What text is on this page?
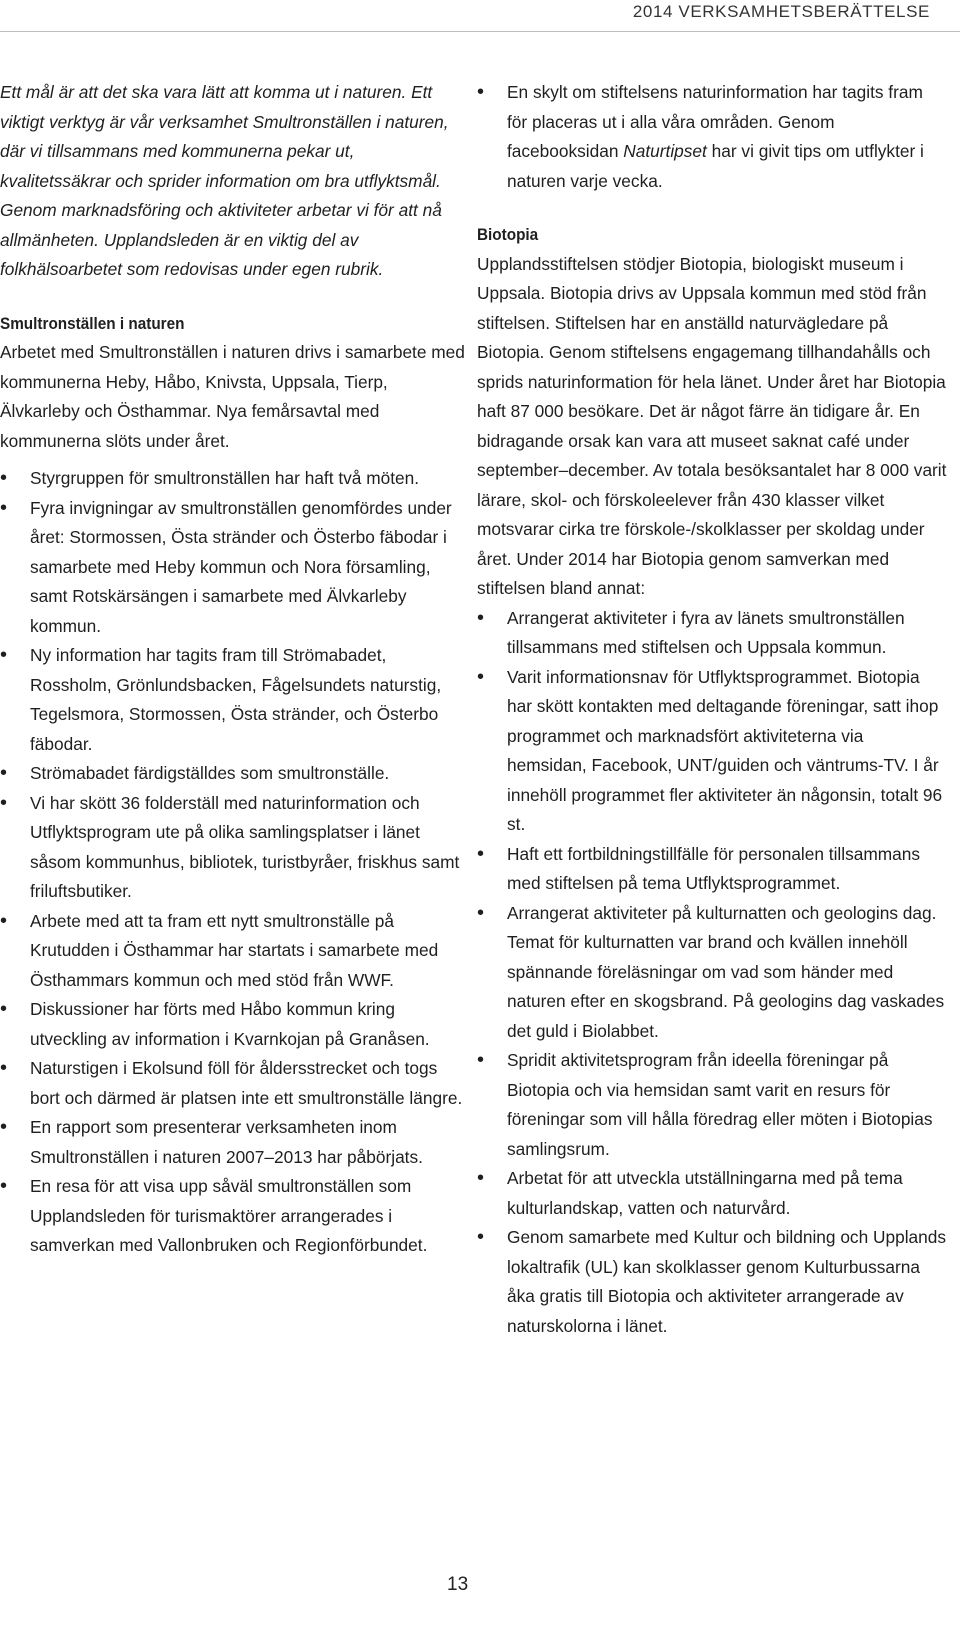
2014 VERKSAMHETSBERÄTTELSE

Ett mål är att det ska vara lätt att komma ut i naturen. Ett viktigt verktyg är vår verksamhet Smultronställen i naturen, där vi tillsammans med kommunerna pekar ut, kvalitetssäkrar och sprider information om bra utflyktsmål. Genom marknadsföring och aktiviteter arbetar vi för att nå allmänheten. Upplandsleden är en viktig del av folkhälsoarbetet som redovisas under egen rubrik.

Smultronställen i naturen

Arbetet med Smultronställen i naturen drivs i samarbete med kommunerna Heby, Håbo, Knivsta, Uppsala, Tierp, Älvkarleby och Östhammar. Nya femårsavtal med kommunerna slöts under året.

• Styrgruppen för smultronställen har haft två möten.
• Fyra invigningar av smultronställen genomfördes under året: Stormossen, Östa stränder och Österbo fäbodar i samarbete med Heby kommun och Nora församling, samt Rotskärsängen i samarbete med Älvkarleby kommun.
• Ny information har tagits fram till Strömabadet, Rossholm, Grönlundsbacken, Fågelsundets naturstig, Tegelsmora, Stormossen, Östa stränder, och Österbo fäbodar.
• Strömabadet färdigställdes som smultronställe.
• Vi har skött 36 folderställ med naturinformation och Utflyktsprogram ute på olika samlingsplatser i länet såsom kommunhus, bibliotek, turistbyråer, friskhus samt friluftsbutiker.
• Arbete med att ta fram ett nytt smultronställe på Krutudden i Östhammar har startats i samarbete med Östhammars kommun och med stöd från WWF.
• Diskussioner har förts med Håbo kommun kring utveckling av information i Kvarnkojan på Granåsen.
• Naturstigen i Ekolsund föll för åldersstrecket och togs bort och därmed är platsen inte ett smultronställe längre.
• En rapport som presenterar verksamheten inom Smultronställen i naturen 2007–2013 har påbörjats.
• En resa för att visa upp såväl smultronställen som Upplandsleden för turismaktörer arrangerades i samverkan med Vallonbruken och Regionförbundet.
• En skylt om stiftelsens naturinformation har tagits fram för placeras ut i alla våra områden. Genom facebooksidan Naturtipset har vi givit tips om utflykter i naturen varje vecka.
Biotopia

Upplandsstiftelsen stödjer Biotopia, biologiskt museum i Uppsala. Biotopia drivs av Uppsala kommun med stöd från stiftelsen. Stiftelsen har en anställd naturvägledare på Biotopia. Genom stiftelsens engagemang tillhandahålls och sprids naturinformation för hela länet. Under året har Biotopia haft 87 000 besökare. Det är något färre än tidigare år. En bidragande orsak kan vara att museet saknat café under september–december. Av totala besöksantalet har 8 000 varit lärare, skol- och förskoleelever från 430 klasser vilket motsvarar cirka tre förskole-/skolklasser per skoldag under året. Under 2014 har Biotopia genom samverkan med stiftelsen bland annat:

• Arrangerat aktiviteter i fyra av länets smultronställen tillsammans med stiftelsen och Uppsala kommun.
• Varit informationsnav för Utflyktsprogrammet. Biotopia har skött kontakten med deltagande föreningar, satt ihop programmet och marknadsfört aktiviteterna via hemsidan, Facebook, UNT/guiden och väntrums-TV. I år innehöll programmet fler aktiviteter än någonsin, totalt 96 st.
• Haft ett fortbildningstillfälle för personalen tillsammans med stiftelsen på tema Utflyktsprogrammet.
• Arrangerat aktiviteter på kulturnatten och geologins dag. Temat för kulturnatten var brand och kvällen innehöll spännande föreläsningar om vad som händer med naturen efter en skogsbrand. På geologins dag vaskades det guld i Biolabbet.
• Spridit aktivitetsprogram från ideella föreningar på Biotopia och via hemsidan samt varit en resurs för föreningar som vill hålla föredrag eller möten i Biotopias samlingsrum.
• Arbetat för att utveckla utställningarna med på tema kulturlandskap, vatten och naturvård.
• Genom samarbete med Kultur och bildning och Upplands lokaltrafik (UL) kan skolklasser genom Kulturbussarna åka gratis till Biotopia och aktiviteter arrangerade av naturskolorna i länet.
13
